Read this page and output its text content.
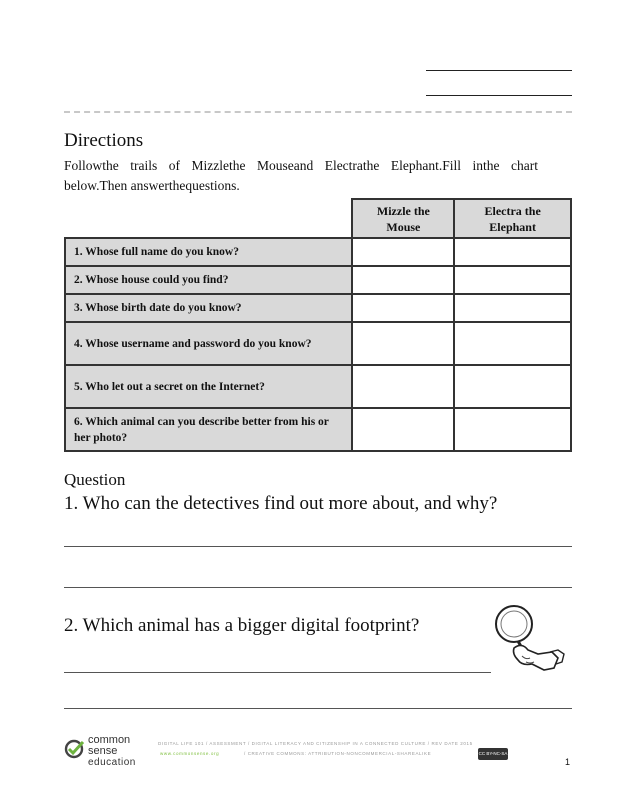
Directions
Followthe trails of Mizzlethe Mouseand Electrathe Elephant.Fill inthe chart below.Then answerthequestions.
	Mizzle the Mouse	Electra the Elephant
1. Whose full name do you know?		
2. Whose house could you find?		
3. Whose birth date do you know?		
4. Whose username and password do you know?		
5. Who let out a secret on the Internet?		
6. Which animal can you describe better from his or her photo?		
Question
1. Who can the detectives find out more about, and why?
2. Which animal has a bigger digital footprint?
common
sense
education
DIGITAL LIFE 101 / ASSESSMENT / DIGITAL LITERACY AND CITIZENSHIP IN A CONNECTED CULTURE / REV DATE 2015
www.commonsense.org	/ CREATIVE COMMONS: ATTRIBUTION-NONCOMMERCIAL-SHAREALIKE	CC BY-NC-SA
1
